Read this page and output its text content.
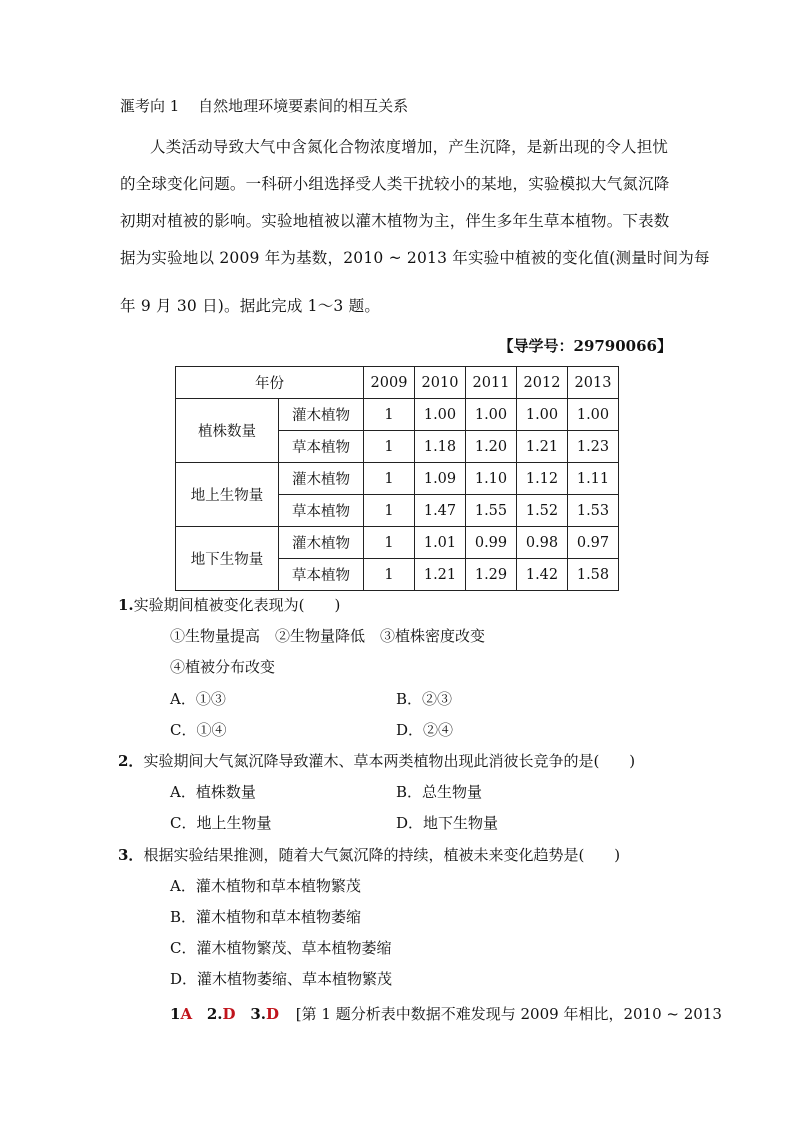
滙考向 1 自然地理环境要素间的相互关系
人类活动导致大气中含氮化合物浓度增加，产生沉降，是新出现的令人担忧
的全球变化问题。一科研小组选择受人类干扰较小的某地，实验模拟大气氮沉降
初期对植被的影响。实验地植被以灌木植物为主，伴生多年生草本植物。下表数
据为实验地以 2009 年为基数，2010 ~ 2013 年实验中植被的变化值(测量时间为每
年 9 月 30 日)。据此完成 1～3 题。
【导学号：29790066】
年份		2009	2010	2011	2012	2013
植株数量	灌木植物	1	1.00	1.00	1.00	1.00
	草本植物	1	1.18	1.20	1.21	1.23
地上生物量	灌木植物	1	1.09	1.10	1.12	1.11
	草本植物	1	1.47	1.55	1.52	1.53
地下生物量	灌木植物	1	1.01	0.99	0.98	0.97
	草本植物	1	1.21	1.29	1.42	1.58
1.实验期间植被变化表现为(　　)
①生物量提高　②生物量降低　③植株密度改变
④植被分布改变
A．①③	B．②③
C．①④	D．②④
2．实验期间大气氮沉降导致灌木、草本两类植物出现此消彼长竞争的是(　　)
A．植株数量	B．总生物量
C．地上生物量	D．地下生物量
3．根据实验结果推测，随着大气氮沉降的持续，植被未来变化趋势是(　　)
A．灌木植物和草本植物繁茂
B．灌木植物和草本植物萎缩
C．灌木植物繁茂、草本植物萎缩
D．灌木植物萎缩、草本植物繁茂
1A 2.D 3.D [第 1 题分析表中数据不难发现与 2009 年相比，2010 ~ 2013
